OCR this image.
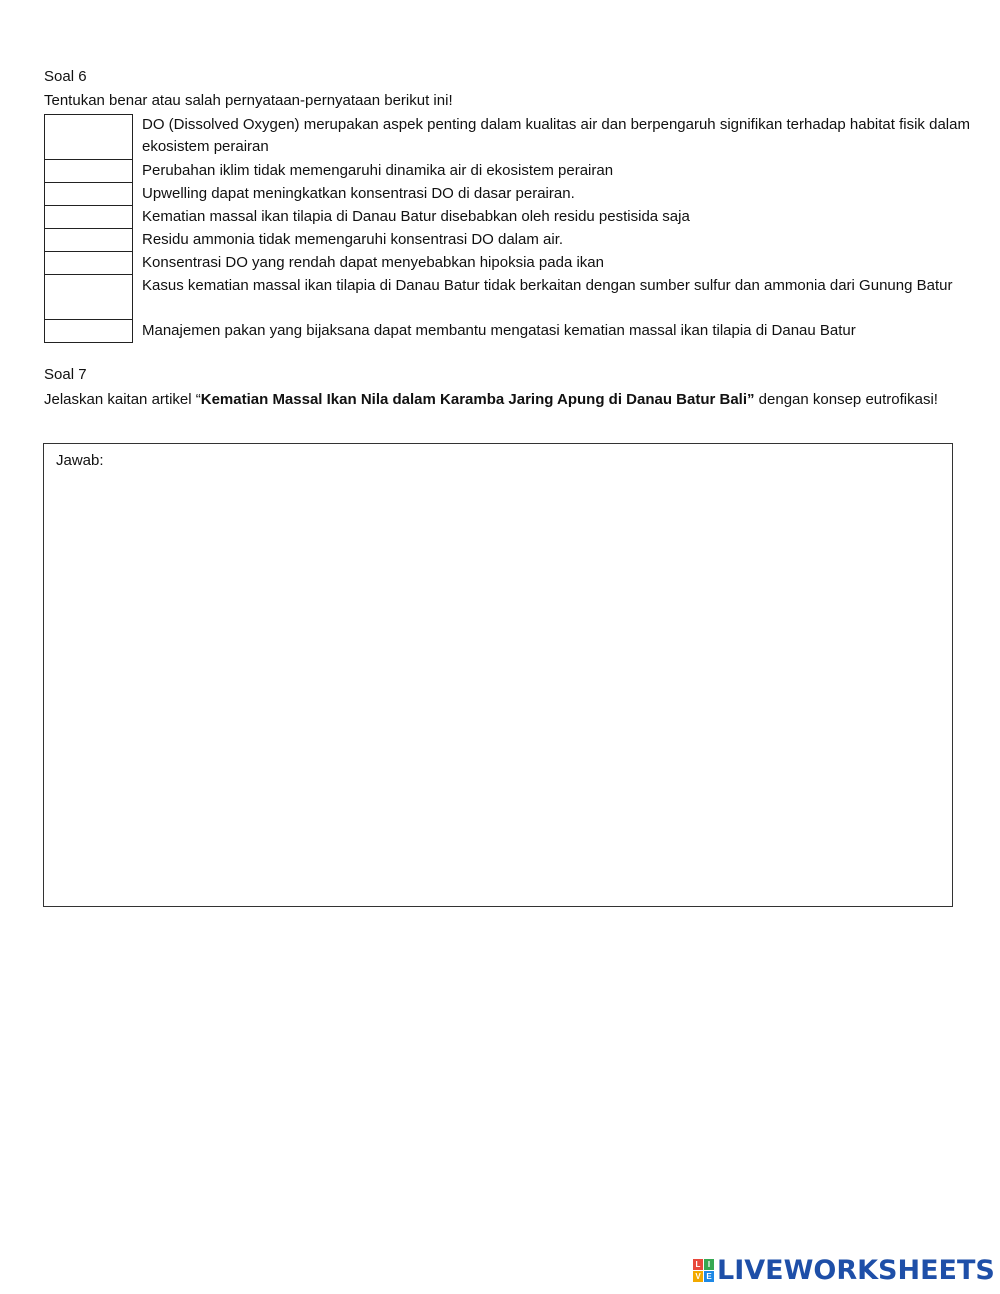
Soal 6
Tentukan benar atau salah pernyataan-pernyataan berikut ini!
DO (Dissolved Oxygen) merupakan aspek penting dalam kualitas air dan berpengaruh signifikan terhadap habitat fisik dalam ekosistem perairan
Perubahan iklim tidak memengaruhi dinamika air di ekosistem perairan
Upwelling dapat meningkatkan konsentrasi DO di dasar perairan.
Kematian massal ikan tilapia di Danau Batur disebabkan oleh residu pestisida saja
Residu ammonia tidak memengaruhi konsentrasi DO dalam air.
Konsentrasi DO yang rendah dapat menyebabkan hipoksia pada ikan
Kasus kematian massal ikan tilapia di Danau Batur tidak berkaitan dengan sumber sulfur dan ammonia dari Gunung Batur
Manajemen pakan yang bijaksana dapat membantu mengatasi kematian massal ikan tilapia di Danau Batur
Soal 7
Jelaskan kaitan artikel “Kematian Massal Ikan Nila dalam Karamba Jaring Apung di Danau Batur Bali” dengan konsep eutrofikasi!
Jawab:
L I
V E LIVEWORKSHEETS
